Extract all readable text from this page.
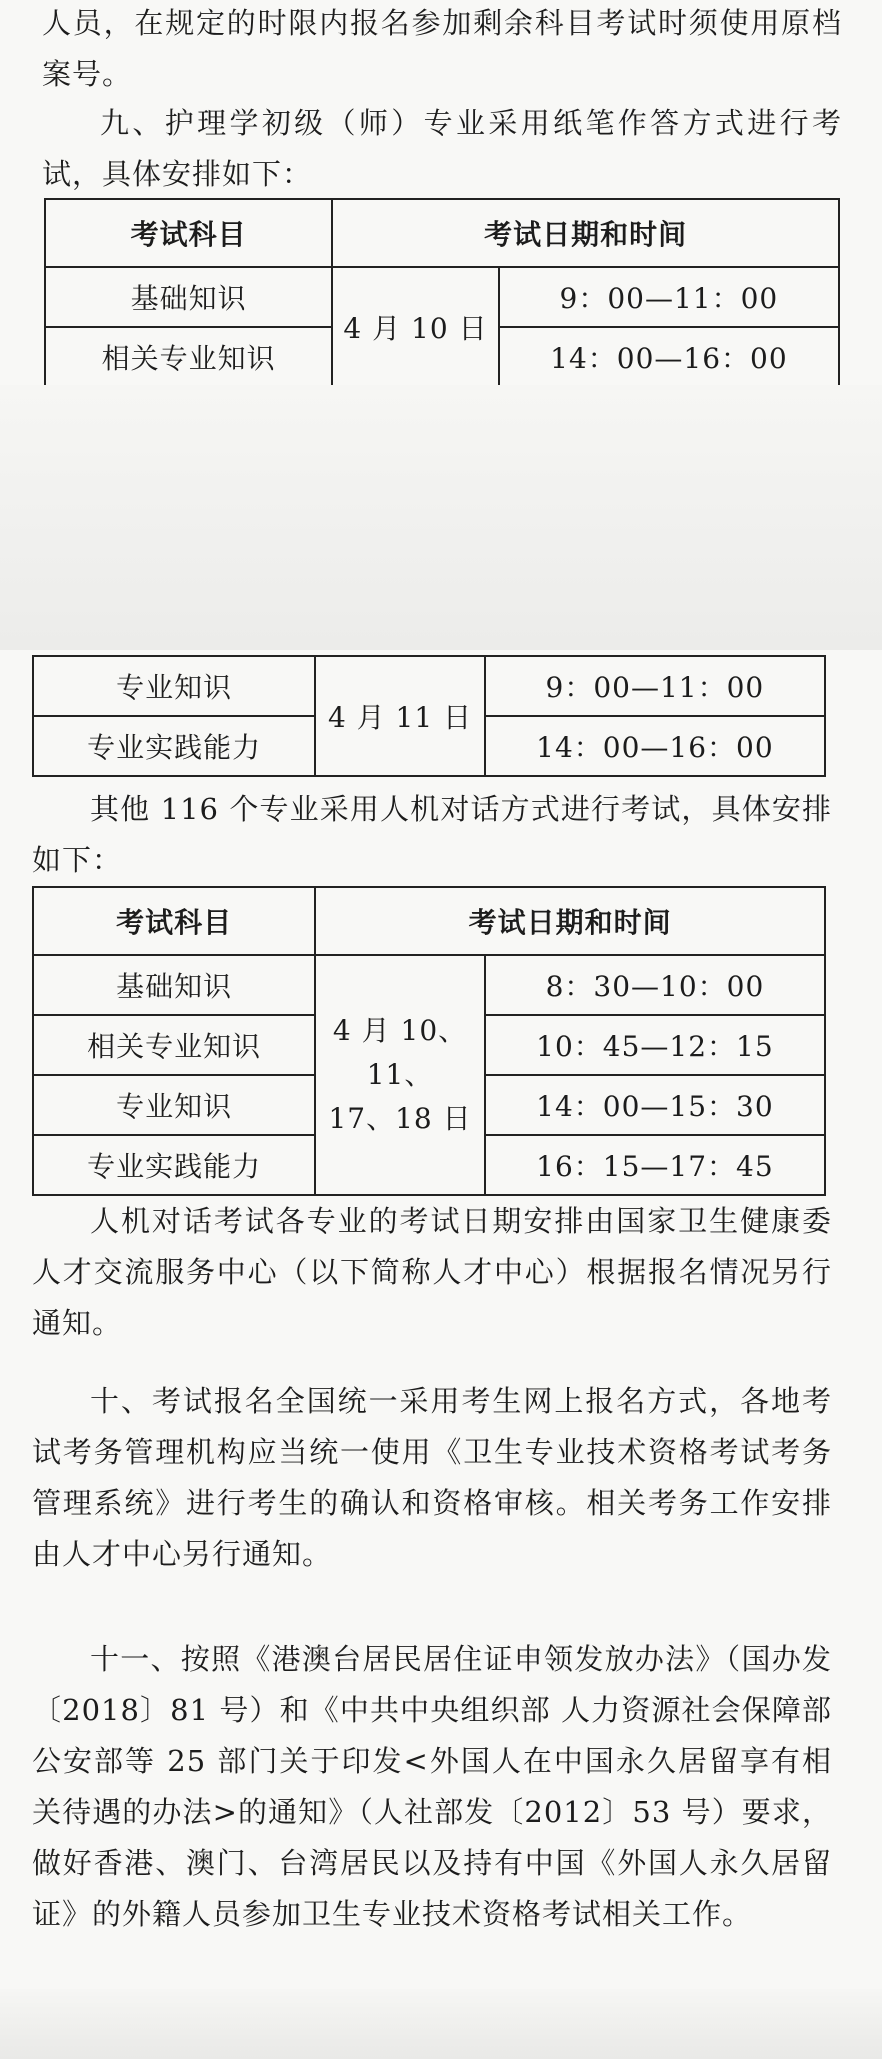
人员，在规定的时限内报名参加剩余科目考试时须使用原档案号。

九、护理学初级（师）专业采用纸笔作答方式进行考试，具体安排如下：

考试科目	考试日期和时间	
基础知识	4 月 10 日	9：00—11：00
相关专业知识		14：00—16：00
专业知识	4 月 11 日	9：00—11：00
专业实践能力		14：00—16：00

其他 116 个专业采用人机对话方式进行考试，具体安排如下：

考试科目	考试日期和时间	
基础知识	4 月 10、11、
17、18 日	8：30—10：00
相关专业知识		10：45—12：15
专业知识		14：00—15：30
专业实践能力		16：15—17：45

人机对话考试各专业的考试日期安排由国家卫生健康委人才交流服务中心（以下简称人才中心）根据报名情况另行通知。

十、考试报名全国统一采用考生网上报名方式，各地考试考务管理机构应当统一使用《卫生专业技术资格考试考务管理系统》进行考生的确认和资格审核。相关考务工作安排由人才中心另行通知。

十一、按照《港澳台居民居住证申领发放办法》（国办发〔2018〕81 号）和《中共中央组织部 人力资源社会保障部 公安部等 25 部门关于印发<外国人在中国永久居留享有相关待遇的办法>的通知》（人社部发〔2012〕53 号）要求，做好香港、澳门、台湾居民以及持有中国《外国人永久居留证》的外籍人员参加卫生专业技术资格考试相关工作。
